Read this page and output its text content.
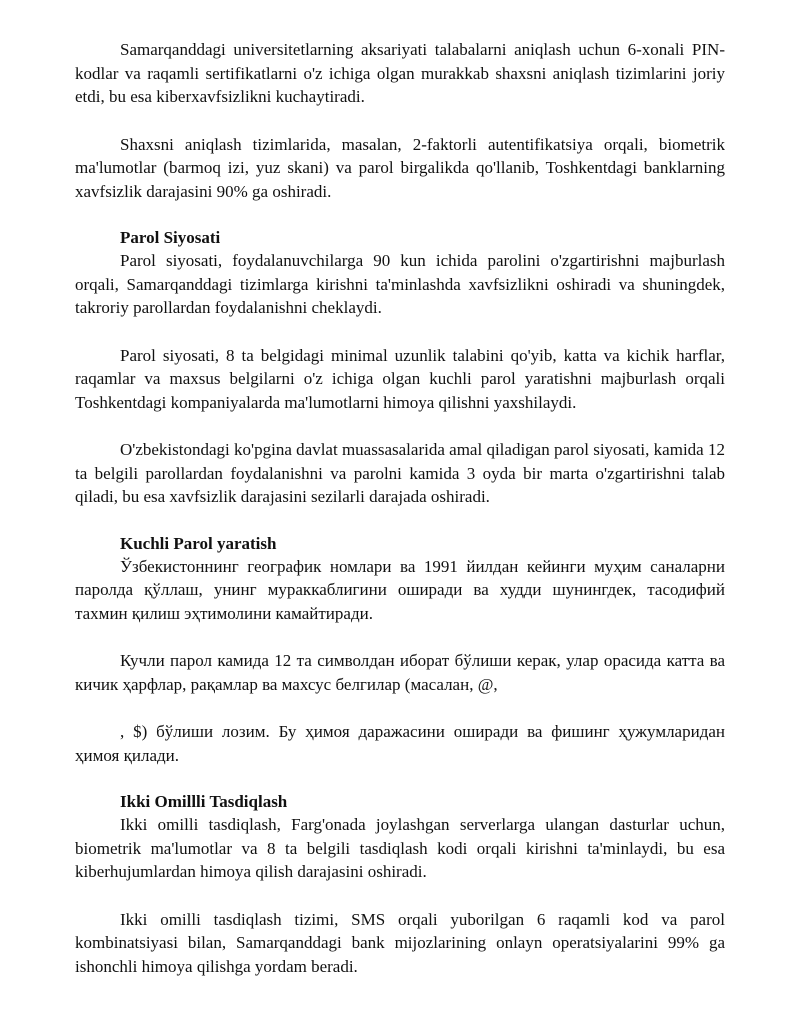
Samarqanddagi universitetlarning aksariyati talabalarni aniqlash uchun 6-xonali PIN-kodlar va raqamli sertifikatlarni o'z ichiga olgan murakkab shaxsni aniqlash tizimlarini joriy etdi, bu esa kiberxavfsizlikni kuchaytiradi.

Shaxsni aniqlash tizimlarida, masalan, 2-faktorli autentifikatsiya orqali, biometrik ma'lumotlar (barmoq izi, yuz skani) va parol birgalikda qo'llanib, Toshkentdagi banklarning xavfsizlik darajasini 90% ga oshiradi.

Parol Siyosati

Parol siyosati, foydalanuvchilarga 90 kun ichida parolini o'zgartirishni majburlash orqali, Samarqanddagi tizimlarga kirishni ta'minlashda xavfsizlikni oshiradi va shuningdek, takroriy parollardan foydalanishni cheklaydi.

Parol siyosati, 8 ta belgidagi minimal uzunlik talabini qo'yib, katta va kichik harflar, raqamlar va maxsus belgilarni o'z ichiga olgan kuchli parol yaratishni majburlash orqali Toshkentdagi kompaniyalarda ma'lumotlarni himoya qilishni yaxshilaydi.

O'zbekistondagi ko'pgina davlat muassasalarida amal qiladigan parol siyosati, kamida 12 ta belgili parollardan foydalanishni va parolni kamida 3 oyda bir marta o'zgartirishni talab qiladi, bu esa xavfsizlik darajasini sezilarli darajada oshiradi.

Kuchli Parol yaratish

Ўзбекистоннинг географик номлари ва 1991 йилдан кейинги муҳим саналарни паролда қўллаш, унинг мураккаблигини оширади ва худди шунингдек, тасодифий тахмин қилиш эҳтимолини камайтиради.

Кучли парол камида 12 та символдан иборат бўлиши керак, улар орасида катта ва кичик ҳарфлар, рақамлар ва махсус белгилар (масалан, @,

, $) бўлиши лозим. Бу ҳимоя даражасини оширади ва фишинг ҳужумларидан ҳимоя қилади.

Ikki Omillli Tasdiqlash

Ikki omilli tasdiqlash, Farg'onada joylashgan serverlarga ulangan dasturlar uchun, biometrik ma'lumotlar va 8 ta belgili tasdiqlash kodi orqali kirishni ta'minlaydi, bu esa kiberhujumlardan himoya qilish darajasini oshiradi.

Ikki omilli tasdiqlash tizimi, SMS orqali yuborilgan 6 raqamli kod va parol kombinatsiyasi bilan, Samarqanddagi bank mijozlarining onlayn operatsiyalarini 99% ga ishonchli himoya qilishga yordam beradi.
